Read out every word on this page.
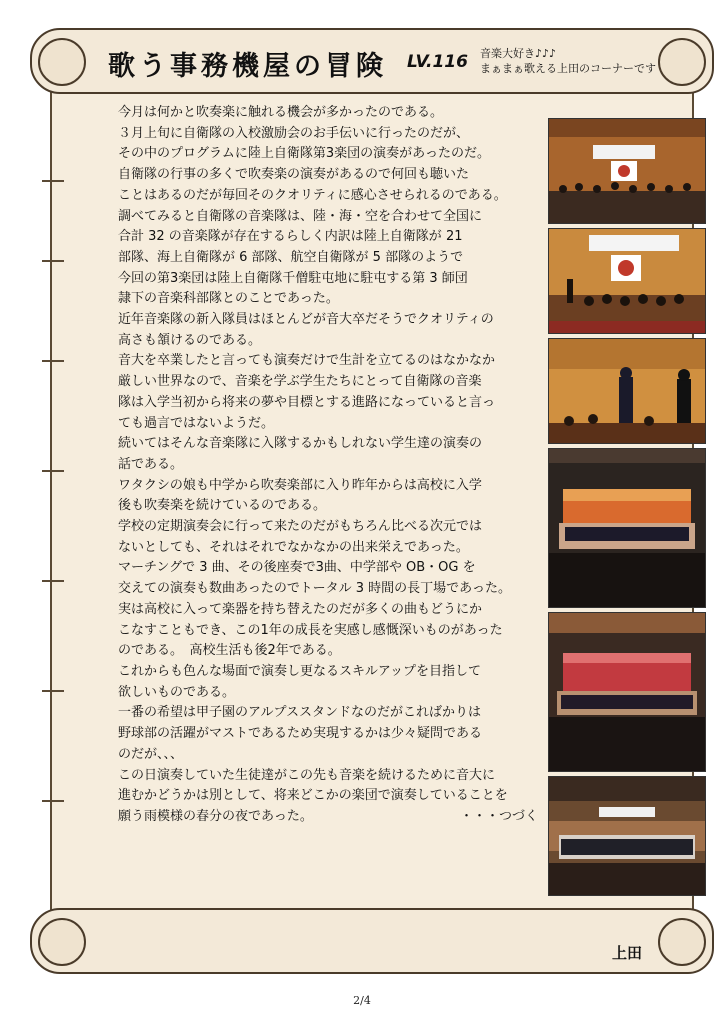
歌う事務機屋の冒険 LV.116 音楽大好き♪♪♪
まぁまぁ歌える上田のコーナーです

今月は何かと吹奏楽に触れる機会が多かったのである。

３月上旬に自衛隊の入校激励会のお手伝いに行ったのだが、

その中のプログラムに陸上自衛隊第3楽団の演奏があったのだ。

自衛隊の行事の多くで吹奏楽の演奏があるので何回も聴いた

ことはあるのだが毎回そのクオリティに感心させられるのである。

調べてみると自衛隊の音楽隊は、陸・海・空を合わせて全国に

合計 32 の音楽隊が存在するらしく内訳は陸上自衛隊が 21

部隊、海上自衛隊が 6 部隊、航空自衛隊が 5 部隊のようで

今回の第3楽団は陸上自衛隊千僧駐屯地に駐屯する第 3 師団

隷下の音楽科部隊とのことであった。

近年音楽隊の新入隊員はほとんどが音大卒だそうでクオリティの

高さも頷けるのである。

音大を卒業したと言っても演奏だけで生計を立てるのはなかなか

厳しい世界なので、音楽を学ぶ学生たちにとって自衛隊の音楽

隊は入学当初から将来の夢や目標とする進路になっていると言っ

ても過言ではないようだ。

続いてはそんな音楽隊に入隊するかもしれない学生達の演奏の

話である。

ワタクシの娘も中学から吹奏楽部に入り昨年からは高校に入学

後も吹奏楽を続けているのである。

学校の定期演奏会に行って来たのだがもちろん比べる次元では

ないとしても、それはそれでなかなかの出来栄えであった。

マーチングで 3 曲、その後座奏で3曲、中学部や OB・OG を

交えての演奏も数曲あったのでトータル 3 時間の長丁場であった。

実は高校に入って楽器を持ち替えたのだが多くの曲もどうにか

こなすこともでき、この1年の成長を実感し感慨深いものがあった

のである。　高校生活も後2年である。

これからも色んな場面で演奏し更なるスキルアップを目指して

欲しいものである。

一番の希望は甲子園のアルプススタンドなのだがこればかりは

野球部の活躍がマストであるため実現するかは少々疑問である

のだが、、、

この日演奏していた生徒達がこの先も音楽を続けるために音大に

進むかどうかは別として、将来どこかの楽団で演奏していることを

願う雨模様の春分の夜であった。	・・・つづく
上田
2/4
